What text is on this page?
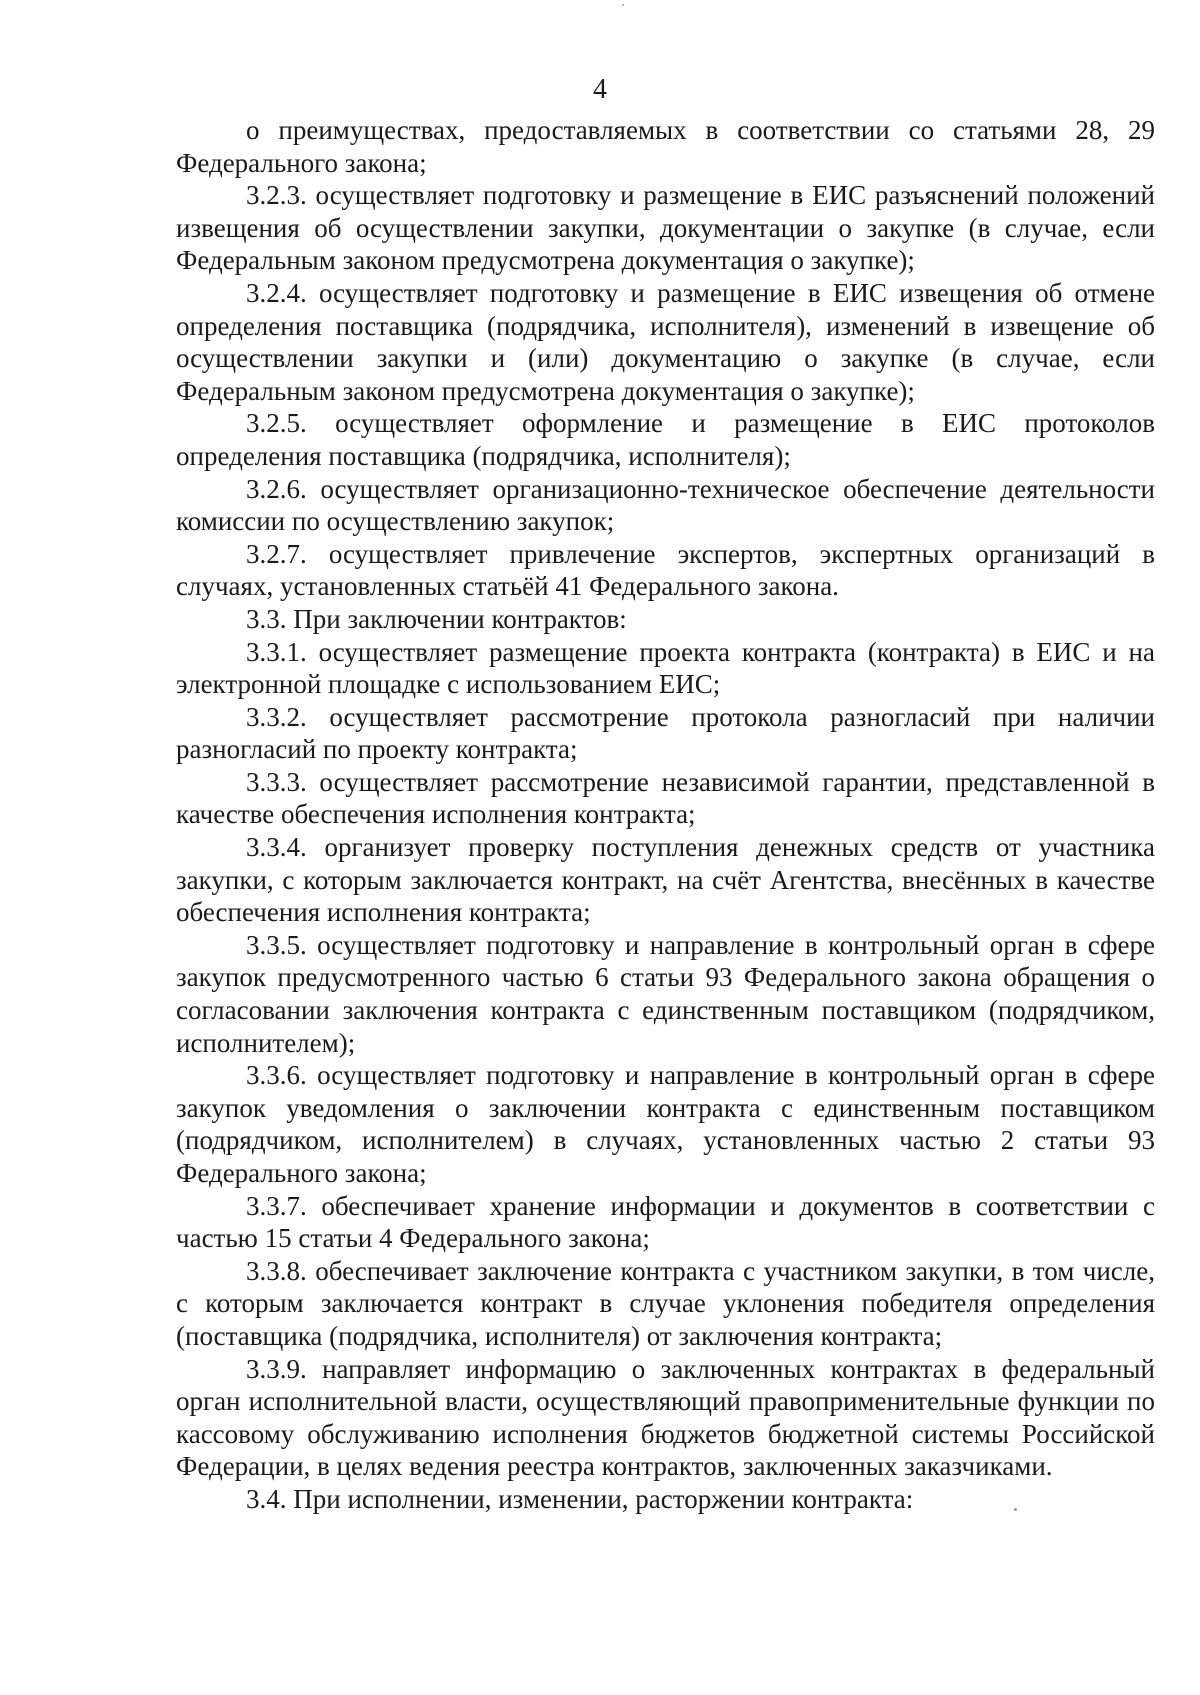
4

о преимуществах, предоставляемых в соответствии со статьями 28, 29 Федерального закона;

3.2.3. осуществляет подготовку и размещение в ЕИС разъяснений положений извещения об осуществлении закупки, документации о закупке (в случае, если Федеральным законом предусмотрена документация о закупке);

3.2.4. осуществляет подготовку и размещение в ЕИС извещения об отмене определения поставщика (подрядчика, исполнителя), изменений в извещение об осуществлении закупки и (или) документацию о закупке (в случае, если Федеральным законом предусмотрена документация о закупке);

3.2.5. осуществляет оформление и размещение в ЕИС протоколов определения поставщика (подрядчика, исполнителя);

3.2.6. осуществляет организационно-техническое обеспечение деятельности комиссии по осуществлению закупок;

3.2.7. осуществляет привлечение экспертов, экспертных организаций в случаях, установленных статьёй 41 Федерального закона.

3.3. При заключении контрактов:

3.3.1. осуществляет размещение проекта контракта (контракта) в ЕИС и на электронной площадке с использованием ЕИС;

3.3.2. осуществляет рассмотрение протокола разногласий при наличии разногласий по проекту контракта;

3.3.3. осуществляет рассмотрение независимой гарантии, представленной в качестве обеспечения исполнения контракта;

3.3.4. организует проверку поступления денежных средств от участника закупки, с которым заключается контракт, на счёт Агентства, внесённых в качестве обеспечения исполнения контракта;

3.3.5. осуществляет подготовку и направление в контрольный орган в сфере закупок предусмотренного частью 6 статьи 93 Федерального закона обращения о согласовании заключения контракта с единственным поставщиком (подрядчиком, исполнителем);

3.3.6. осуществляет подготовку и направление в контрольный орган в сфере закупок уведомления о заключении контракта с единственным поставщиком (подрядчиком, исполнителем) в случаях, установленных частью 2 статьи 93 Федерального закона;

3.3.7. обеспечивает хранение информации и документов в соответствии с частью 15 статьи 4 Федерального закона;

3.3.8. обеспечивает заключение контракта с участником закупки, в том числе, с которым заключается контракт в случае уклонения победителя определения (поставщика (подрядчика, исполнителя) от заключения контракта;

3.3.9. направляет информацию о заключенных контрактах в федеральный орган исполнительной власти, осуществляющий правоприменительные функции по кассовому обслуживанию исполнения бюджетов бюджетной системы Российской Федерации, в целях ведения реестра контрактов, заключенных заказчиками.

3.4. При исполнении, изменении, расторжении контракта:
